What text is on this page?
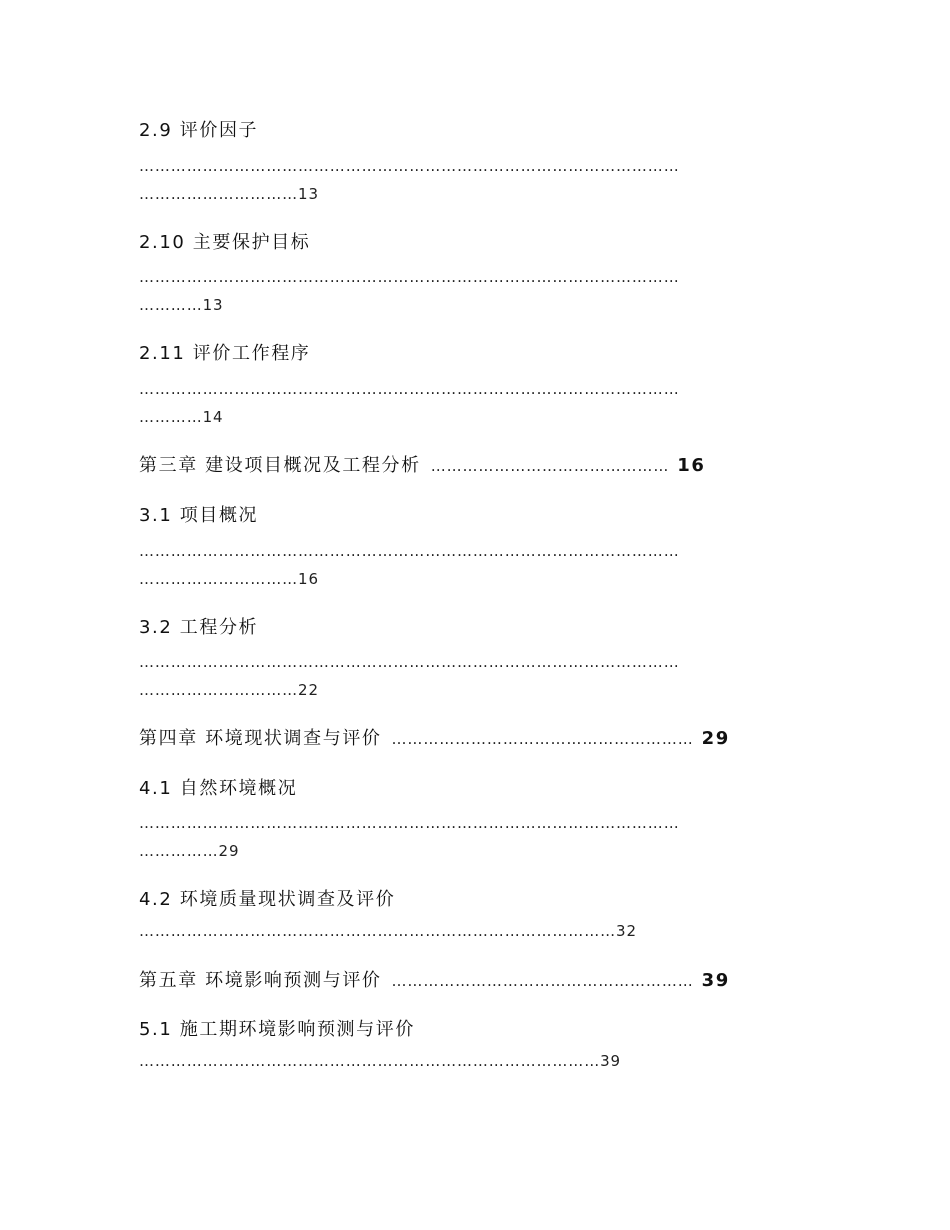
2.9 评价因子
…………………………………………………………………………………………
…………………………13
2.10 主要保护目标
…………………………………………………………………………………………
…………13
2.11 评价工作程序
…………………………………………………………………………………………
…………14
第三章 建设项目概况及工程分析 ……………………………………… 16
3.1 项目概况
…………………………………………………………………………………………
…………………………16
3.2 工程分析
…………………………………………………………………………………………
…………………………22
第四章 环境现状调查与评价 ………………………………………………… 29
4.1 自然环境概况
…………………………………………………………………………………………
……………29
4.2 环境质量现状调查及评价
………………………………………………………………………………32
第五章 环境影响预测与评价 ………………………………………………… 39
5.1 施工期环境影响预测与评价
……………………………………………………………………………39
